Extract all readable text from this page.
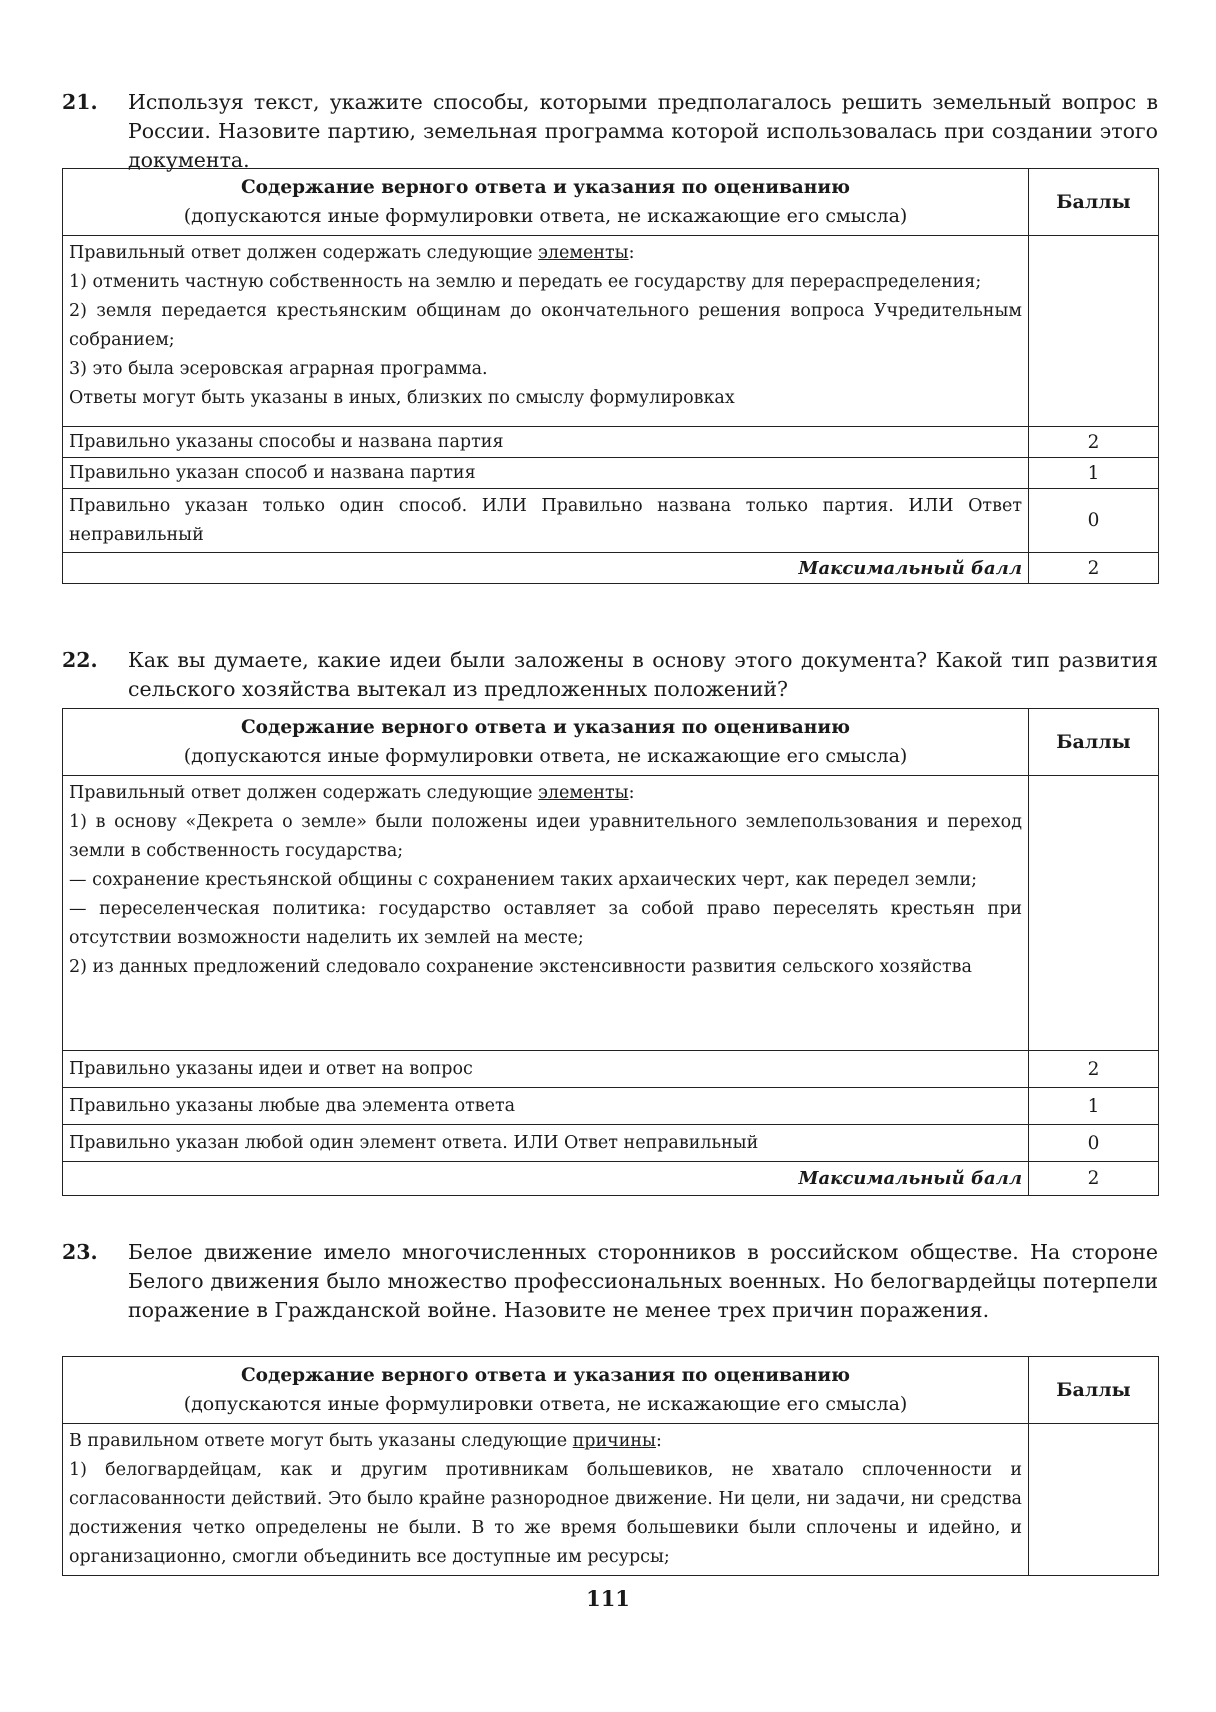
21. Используя текст, укажите способы, которыми предполагалось решить земельный вопрос в России. Назовите партию, земельная программа которой использовалась при создании этого документа.
Содержание верного ответа и указания по оцениванию
(допускаются иные формулировки ответа, не искажающие его смысла)	Баллы

Правильный ответ должен содержать следующие элементы:
1) отменить частную собственность на землю и передать ее государству для перераспределения;
2) земля передается крестьянским общинам до окончательного решения вопроса Учредительным собранием;
3) это была эсеровская аграрная программа.
Ответы могут быть указаны в иных, близких по смыслу формулировках	

Правильно указаны способы и названа партия	2
Правильно указан способ и названа партия	1
Правильно указан только один способ. ИЛИ Правильно названа только партия. ИЛИ Ответ неправильный	0
Максимальный балл	2
22. Как вы думаете, какие идеи были заложены в основу этого документа? Какой тип развития сельского хозяйства вытекал из предложенных положений?
Содержание верного ответа и указания по оцениванию
(допускаются иные формулировки ответа, не искажающие его смысла)	Баллы

Правильный ответ должен содержать следующие элементы:
1) в основу «Декрета о земле» были положены идеи уравнительного землепользования и переход земли в собственность государства;
— сохранение крестьянской общины с сохранением таких архаических черт, как передел земли;
— переселенческая политика: государство оставляет за собой право переселять крестьян при отсутствии возможности наделить их землей на месте;
2) из данных предложений следовало сохранение экстенсивности развития сельского хозяйства	

Правильно указаны идеи и ответ на вопрос	2
Правильно указаны любые два элемента ответа	1
Правильно указан любой один элемент ответа. ИЛИ Ответ неправильный	0
Максимальный балл	2
23. Белое движение имело многочисленных сторонников в российском обществе. На стороне Белого движения было множество профессиональных военных. Но белогвардейцы потерпели поражение в Гражданской войне. Назовите не менее трех причин поражения.
Содержание верного ответа и указания по оцениванию
(допускаются иные формулировки ответа, не искажающие его смысла)	Баллы

В правильном ответе могут быть указаны следующие причины:
1) белогвардейцам, как и другим противникам большевиков, не хватало сплоченности и согласованности действий. Это было крайне разнородное движение. Ни цели, ни задачи, ни средства достижения четко определены не были. В то же время большевики были сплочены и идейно, и организационно, смогли объединить все доступные им ресурсы;	

111
